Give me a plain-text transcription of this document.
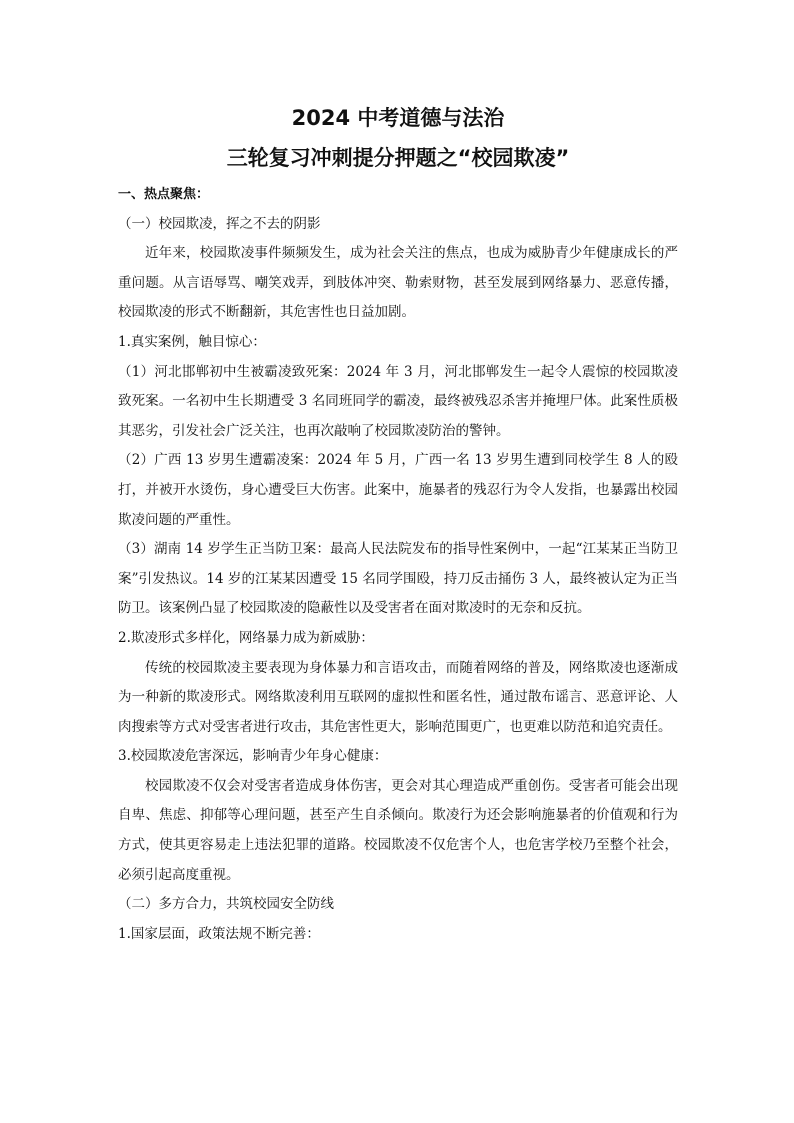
2024 中考道德与法治

三轮复习冲刺提分押题之“校园欺凌”

一、热点聚焦：

（一）校园欺凌，挥之不去的阴影

近年来，校园欺凌事件频频发生，成为社会关注的焦点，也成为威胁青少年健康成长的严重问题。从言语辱骂、嘲笑戏弄，到肢体冲突、勒索财物，甚至发展到网络暴力、恶意传播，校园欺凌的形式不断翻新，其危害性也日益加剧。

1.真实案例，触目惊心：

（1）河北邯郸初中生被霸凌致死案：2024 年 3 月，河北邯郸发生一起令人震惊的校园欺凌致死案。一名初中生长期遭受 3 名同班同学的霸凌，最终被残忍杀害并掩埋尸体。此案性质极其恶劣，引发社会广泛关注，也再次敲响了校园欺凌防治的警钟。

（2）广西 13 岁男生遭霸凌案：2024 年 5 月，广西一名 13 岁男生遭到同校学生 8 人的殴打，并被开水烫伤，身心遭受巨大伤害。此案中，施暴者的残忍行为令人发指，也暴露出校园欺凌问题的严重性。

（3）湖南 14 岁学生正当防卫案：最高人民法院发布的指导性案例中，一起“江某某正当防卫案”引发热议。14 岁的江某某因遭受 15 名同学围殴，持刀反击捅伤 3 人，最终被认定为正当防卫。该案例凸显了校园欺凌的隐蔽性以及受害者在面对欺凌时的无奈和反抗。

2.欺凌形式多样化，网络暴力成为新威胁：

传统的校园欺凌主要表现为身体暴力和言语攻击，而随着网络的普及，网络欺凌也逐渐成为一种新的欺凌形式。网络欺凌利用互联网的虚拟性和匿名性，通过散布谣言、恶意评论、人肉搜索等方式对受害者进行攻击，其危害性更大，影响范围更广，也更难以防范和追究责任。

3.校园欺凌危害深远，影响青少年身心健康：

校园欺凌不仅会对受害者造成身体伤害，更会对其心理造成严重创伤。受害者可能会出现自卑、焦虑、抑郁等心理问题，甚至产生自杀倾向。欺凌行为还会影响施暴者的价值观和行为方式，使其更容易走上违法犯罪的道路。校园欺凌不仅危害个人，也危害学校乃至整个社会，必须引起高度重视。

（二）多方合力，共筑校园安全防线

1.国家层面，政策法规不断完善：
